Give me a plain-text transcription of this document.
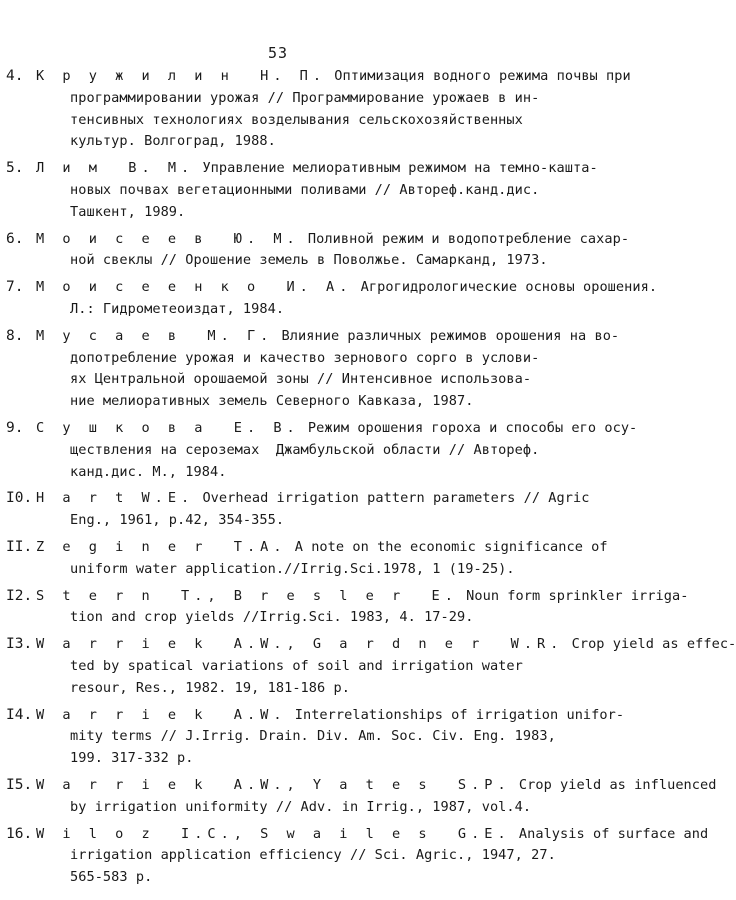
53
4. К р у ж и л и н  Н. П. Оптимизация водного режима почвы при
программировании урожая // Программирование урожаев в ин-
тенсивных технологиях возделывания сельскохозяйственных
культур. Волгоград, 1988.
5. Л и м  В. М. Управление мелиоративным режимом на темно-кашта-
новых почвах вегетационными поливами // Автореф.канд.дис.
Ташкент, 1989.
6. М о и с е е в  Ю. М. Поливной режим и водопотребление сахар-
ной свеклы // Орошение земель в Поволжье. Самарканд, 1973.
7. М о и с е е н к о  И. А. Агрогидрологические основы орошения.
Л.: Гидрометеоиздат, 1984.
8. М у с а е в  М. Г. Влияние различных режимов орошения на во-
допотребление урожая и качество зернового сорго в услови-
ях Центральной орошаемой зоны // Интенсивное использова-
ние мелиоративных земель Северного Кавказа, 1987.
9. С у ш к о в а  Е. В. Режим орошения гороха и способы его осу-
ществления на сероземах  Джамбульской области // Автореф.
канд.дис. М., 1984.
I0. H a r t W.E. Overhead irrigation pattern parameters // Agric
Eng., 1961, p.42, 354-355.
II. Z e g i n e r  T.A. A note on the economic significance of
uniform water application.//Irrig.Sci.1978, 1 (19-25).
I2. S t e r n  T., B r e s l e r  E. Noun form sprinkler irriga-
tion and crop yields //Irrig.Sci. 1983, 4. 17-29.
I3. W a r r i e k  A.W., G a r d n e r  W.R. Crop yield as effec-
ted by spatical variations of soil and irrigation water
resour, Res., 1982. 19, 181-186 p.
I4. W a r r i e k  A.W. Interrelationships of irrigation unifor-
mity terms // J.Irrig. Drain. Div. Am. Soc. Civ. Eng. 1983,
199. 317-332 p.
I5. W a r r i e k  A.W., Y a t e s  S.P. Crop yield as influenced
by irrigation uniformity // Adv. in Irrig., 1987, vol.4.
16. W i l o z  I.C., S w a i l e s  G.E. Analysis of surface and
irrigation application efficiency // Sci. Agric., 1947, 27.
565-583 p.
